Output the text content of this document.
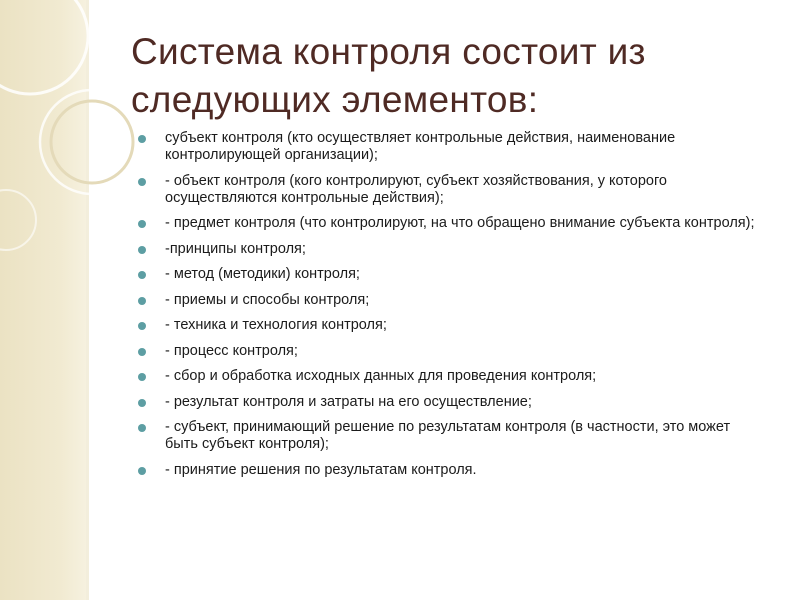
Система контроля состоит из следующих элементов:
субъект контроля (кто осуществляет контрольные действия, наименование контролирующей организации);
- объект контроля (кого контролируют, субъект хозяйствования, у которого осуществляются контрольные действия);
- предмет контроля (что контролируют, на что обращено внимание субъекта контроля);
-принципы контроля;
- метод (методики) контроля;
- приемы и способы контроля;
- техника и технология контроля;
- процесс контроля;
- сбор и обработка исходных данных для проведения контроля;
- результат контроля и затраты на его осуществление;
- субъект, принимающий решение по результатам контроля (в частности, это может быть субъект контроля);
- принятие решения по результатам контроля.
